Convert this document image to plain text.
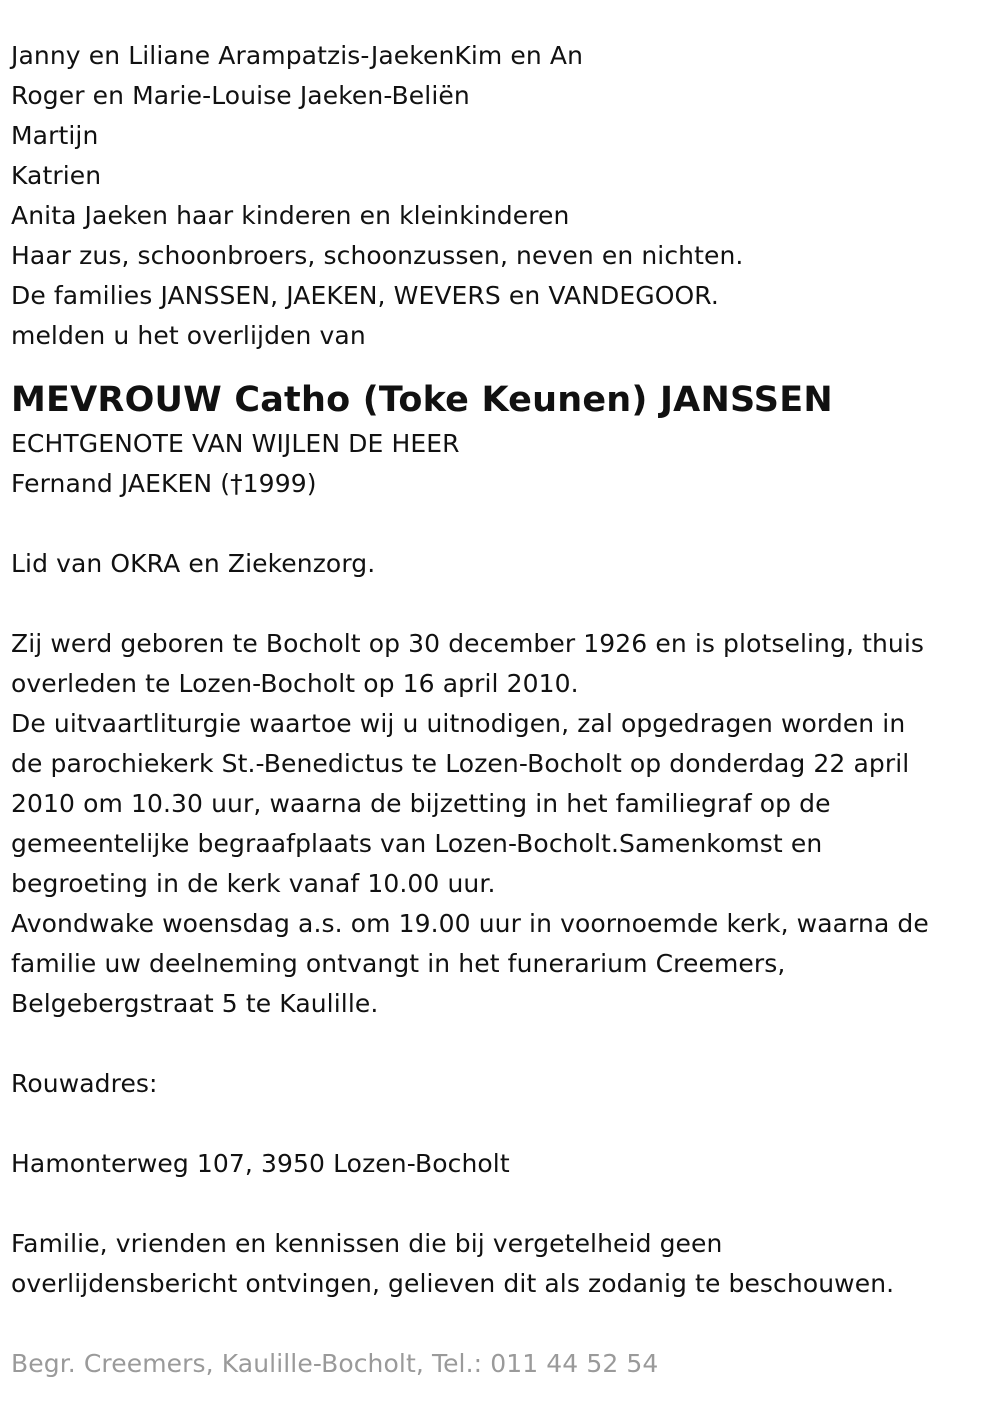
Janny en Liliane Arampatzis-JaekenKim en An
Roger en Marie-Louise Jaeken-Beliën
Martijn
Katrien
Anita Jaeken haar kinderen en kleinkinderen
Haar zus, schoonbroers, schoonzussen, neven en nichten.
De families JANSSEN, JAEKEN, WEVERS en VANDEGOOR.
melden u het overlijden van
MEVROUW Catho (Toke Keunen) JANSSEN
ECHTGENOTE VAN WIJLEN DE HEER
Fernand JAEKEN (†1999)
Lid van OKRA en Ziekenzorg.
Zij werd geboren te Bocholt op 30 december 1926 en is plotseling, thuis
overleden te Lozen-Bocholt op 16 april 2010.
De uitvaartliturgie waartoe wij u uitnodigen, zal opgedragen worden in
de parochiekerk St.-Benedictus te Lozen-Bocholt op donderdag 22 april
2010 om 10.30 uur, waarna de bijzetting in het familiegraf op de
gemeentelijke begraafplaats van Lozen-Bocholt.Samenkomst en
begroeting in de kerk vanaf 10.00 uur.
Avondwake woensdag a.s. om 19.00 uur in voornoemde kerk, waarna de
familie uw deelneming ontvangt in het funerarium Creemers,
Belgebergstraat 5 te Kaulille.
Rouwadres:
Hamonterweg 107, 3950 Lozen-Bocholt
Familie, vrienden en kennissen die bij vergetelheid geen
overlijdensbericht ontvingen, gelieven dit als zodanig te beschouwen.
Begr. Creemers, Kaulille-Bocholt, Tel.: 011 44 52 54
